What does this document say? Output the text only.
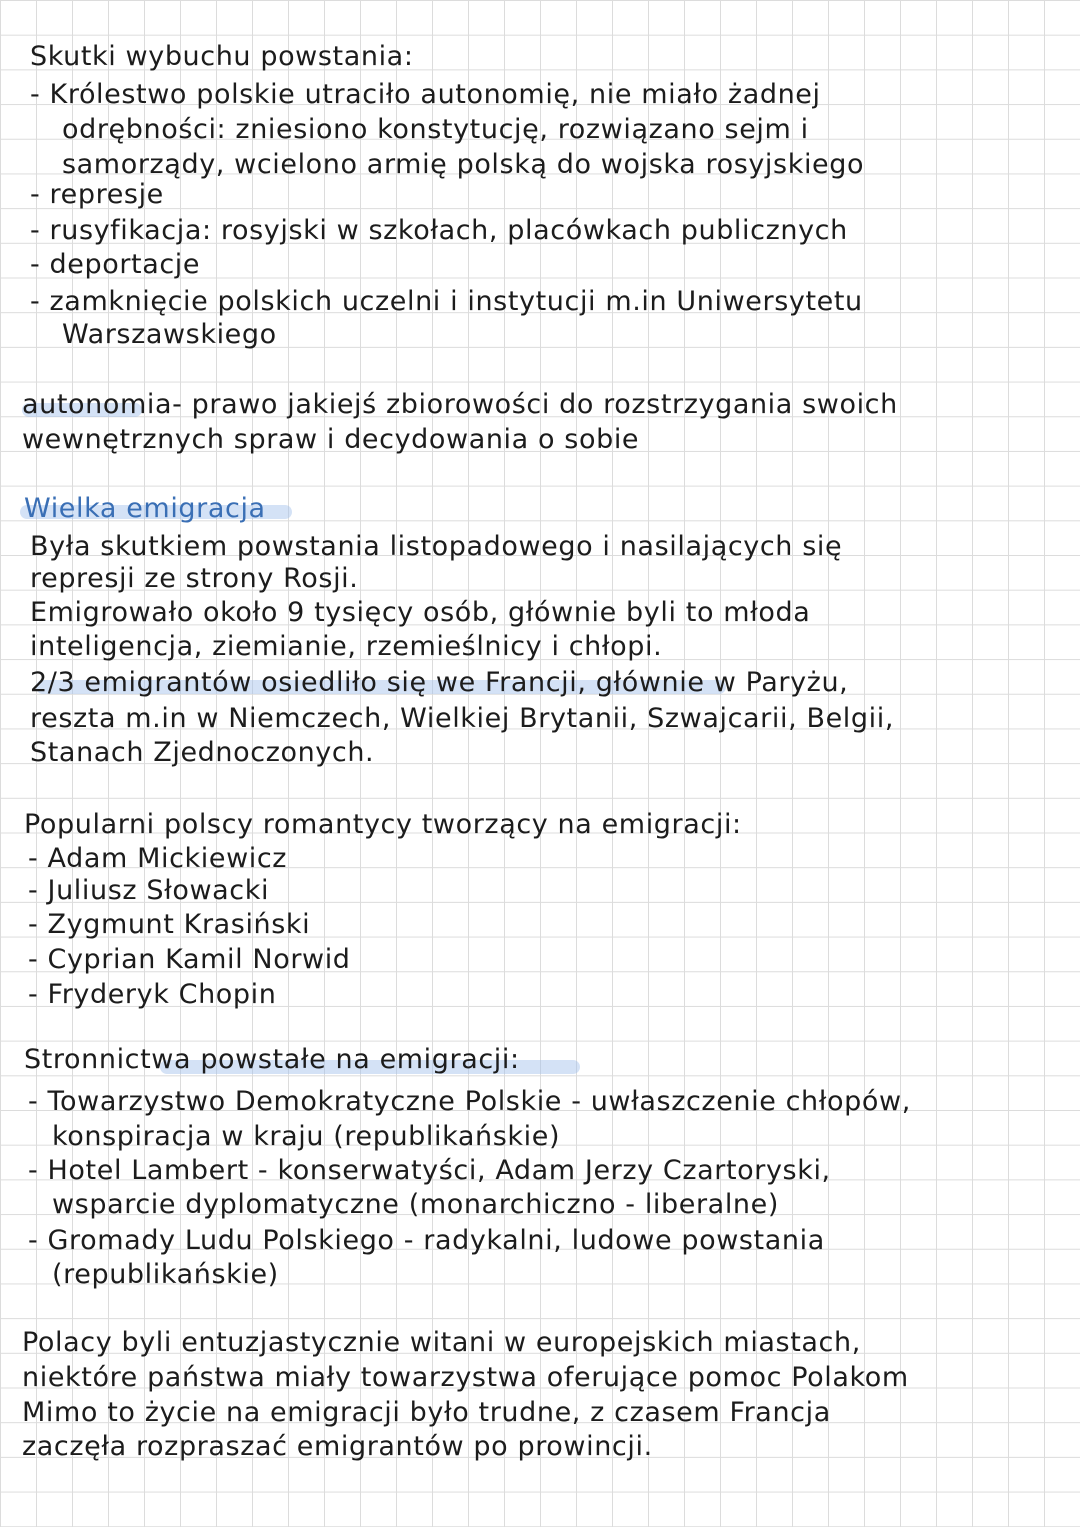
Skutki wybuchu powstania:
- Królestwo polskie utraciło autonomię, nie miało żadnej
odrębności: zniesiono konstytucję, rozwiązano sejm i
samorządy, wcielono armię polską do wojska rosyjskiego
- represje
- rusyfikacja: rosyjski w szkołach, placówkach publicznych
- deportacje
- zamknięcie polskich uczelni i instytucji m.in Uniwersytetu
Warszawskiego
autonomia- prawo jakiejś zbiorowości do rozstrzygania swoich
wewnętrznych spraw i decydowania o sobie
Wielka emigracja
Była skutkiem powstania listopadowego i nasilających się
represji ze strony Rosji.
Emigrowało około 9 tysięcy osób, głównie byli to młoda
inteligencja, ziemianie, rzemieślnicy i chłopi.
2/3 emigrantów osiedliło się we Francji, głównie w Paryżu,
reszta m.in w Niemczech, Wielkiej Brytanii, Szwajcarii, Belgii,
Stanach Zjednoczonych.
Popularni polscy romantycy tworzący na emigracji:
- Adam Mickiewicz
- Juliusz Słowacki
- Zygmunt Krasiński
- Cyprian Kamil Norwid
- Fryderyk Chopin
Stronnictwa powstałe na emigracji:
- Towarzystwo Demokratyczne Polskie - uwłaszczenie chłopów,
konspiracja w kraju (republikańskie)
- Hotel Lambert - konserwatyści, Adam Jerzy Czartoryski,
wsparcie dyplomatyczne (monarchiczno - liberalne)
- Gromady Ludu Polskiego - radykalni, ludowe powstania
(republikańskie)
Polacy byli entuzjastycznie witani w europejskich miastach,
niektóre państwa miały towarzystwa oferujące pomoc Polakom
Mimo to życie na emigracji było trudne, z czasem Francja
zaczęła rozpraszać emigrantów po prowincji.
